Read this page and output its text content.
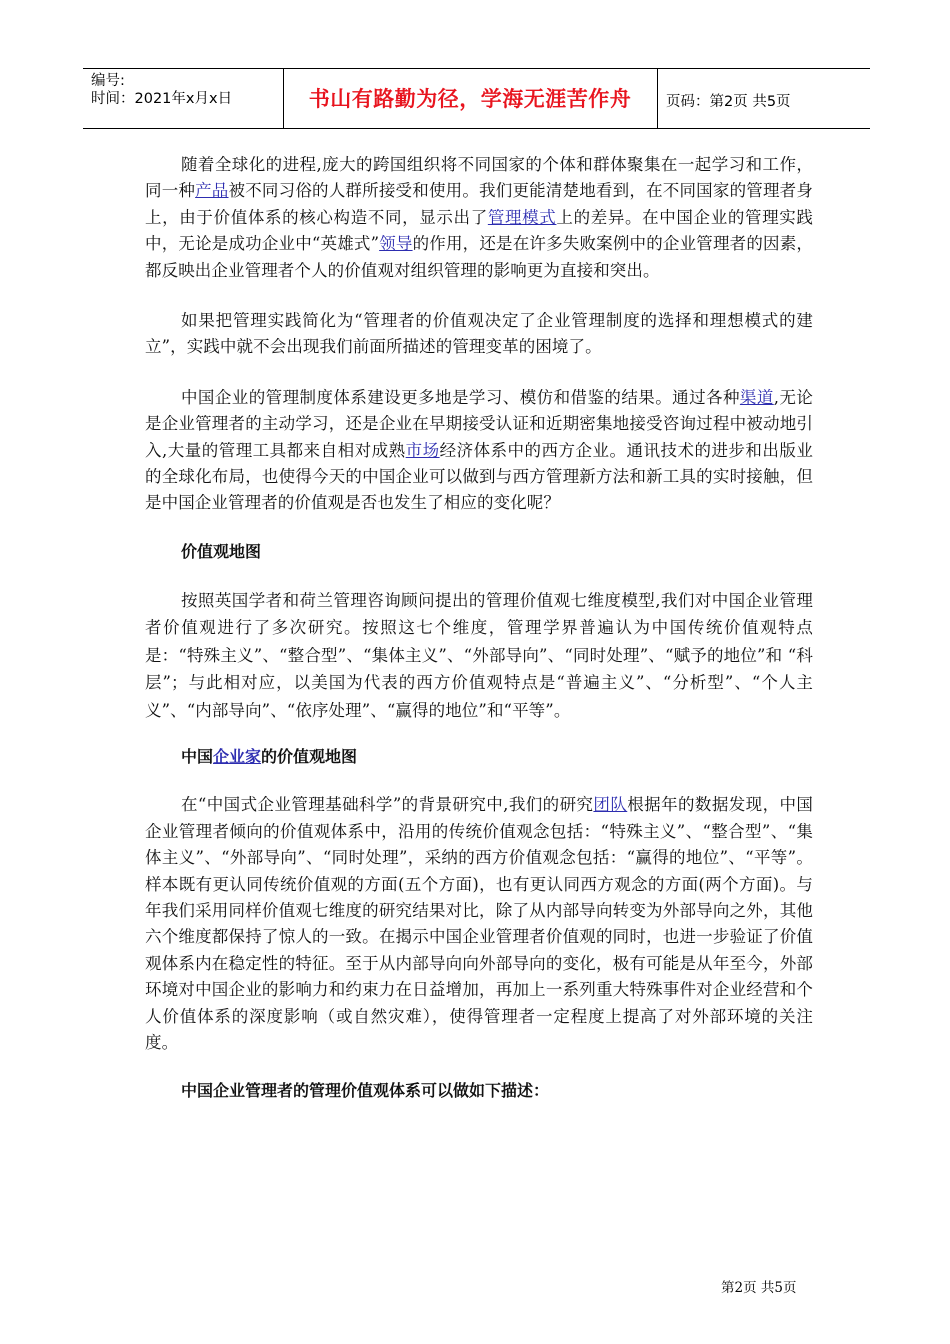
编号:
时间：2021年x月x日	书山有路勤为径，学海无涯苦作舟	页码：第2页 共5页

随着全球化的进程,庞大的跨国组织将不同国家的个体和群体聚集在一起学习和工作，同一种产品被不同习俗的人群所接受和使用。我们更能清楚地看到，在不同国家的管理者身上，由于价值体系的核心构造不同，显示出了管理模式上的差异。在中国企业的管理实践中，无论是成功企业中“英雄式”领导的作用，还是在许多失败案例中的企业管理者的因素，都反映出企业管理者个人的价值观对组织管理的影响更为直接和突出。

如果把管理实践简化为“管理者的价值观决定了企业管理制度的选择和理想模式的建立”，实践中就不会出现我们前面所描述的管理变革的困境了。

中国企业的管理制度体系建设更多地是学习、模仿和借鉴的结果。通过各种渠道,无论是企业管理者的主动学习，还是企业在早期接受认证和近期密集地接受咨询过程中被动地引入,大量的管理工具都来自相对成熟市场经济体系中的西方企业。通讯技术的进步和出版业的全球化布局，也使得今天的中国企业可以做到与西方管理新方法和新工具的实时接触，但是中国企业管理者的价值观是否也发生了相应的变化呢？

价值观地图

按照英国学者和荷兰管理咨询顾问提出的管理价值观七维度模型,我们对中国企业管理者价值观进行了多次研究。按照这七个维度，管理学界普遍认为中国传统价值观特点是：“特殊主义”、“整合型”、“集体主义”、“外部导向”、“同时处理”、“赋予的地位”和 “科层”；与此相对应，以美国为代表的西方价值观特点是“普遍主义”、“分析型”、“个人主义”、“内部导向”、“依序处理”、“赢得的地位”和“平等”。

中国企业家的价值观地图

在“中国式企业管理基础科学”的背景研究中,我们的研究团队根据年的数据发现，中国企业管理者倾向的价值观体系中，沿用的传统价值观念包括：“特殊主义”、“整合型”、“集体主义”、“外部导向”、“同时处理”，采纳的西方价值观念包括：“赢得的地位”、“平等”。样本既有更认同传统价值观的方面(五个方面)，也有更认同西方观念的方面(两个方面)。与年我们采用同样价值观七维度的研究结果对比，除了从内部导向转变为外部导向之外，其他六个维度都保持了惊人的一致。在揭示中国企业管理者价值观的同时，也进一步验证了价值观体系内在稳定性的特征。至于从内部导向向外部导向的变化，极有可能是从年至今，外部环境对中国企业的影响力和约束力在日益增加，再加上一系列重大特殊事件对企业经营和个人价值体系的深度影响（或自然灾难），使得管理者一定程度上提高了对外部环境的关注度。

中国企业管理者的管理价值观体系可以做如下描述：

第2页 共5页
